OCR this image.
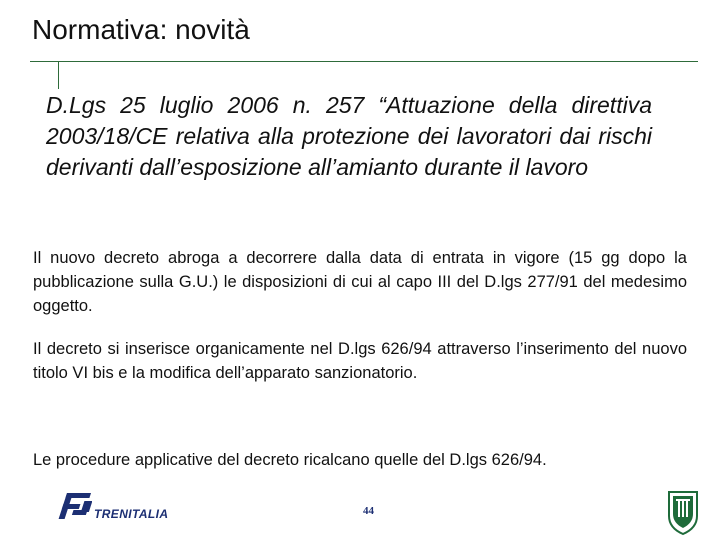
Normativa: novità
D.Lgs 25 luglio 2006 n. 257 “Attuazione della direttiva 2003/18/CE relativa alla protezione dei lavoratori dai rischi derivanti dall’esposizione all’amianto durante il lavoro
Il nuovo decreto abroga a decorrere dalla data di entrata in vigore (15 gg dopo la pubblicazione sulla G.U.) le disposizioni di cui al capo III del D.lgs 277/91 del medesimo oggetto.
Il decreto si inserisce organicamente nel D.lgs 626/94 attraverso l’inserimento del nuovo titolo VI bis e la modifica dell’apparato sanzionatorio.
Le procedure applicative del decreto ricalcano quelle del D.lgs 626/94.
TRENITALIA	44
